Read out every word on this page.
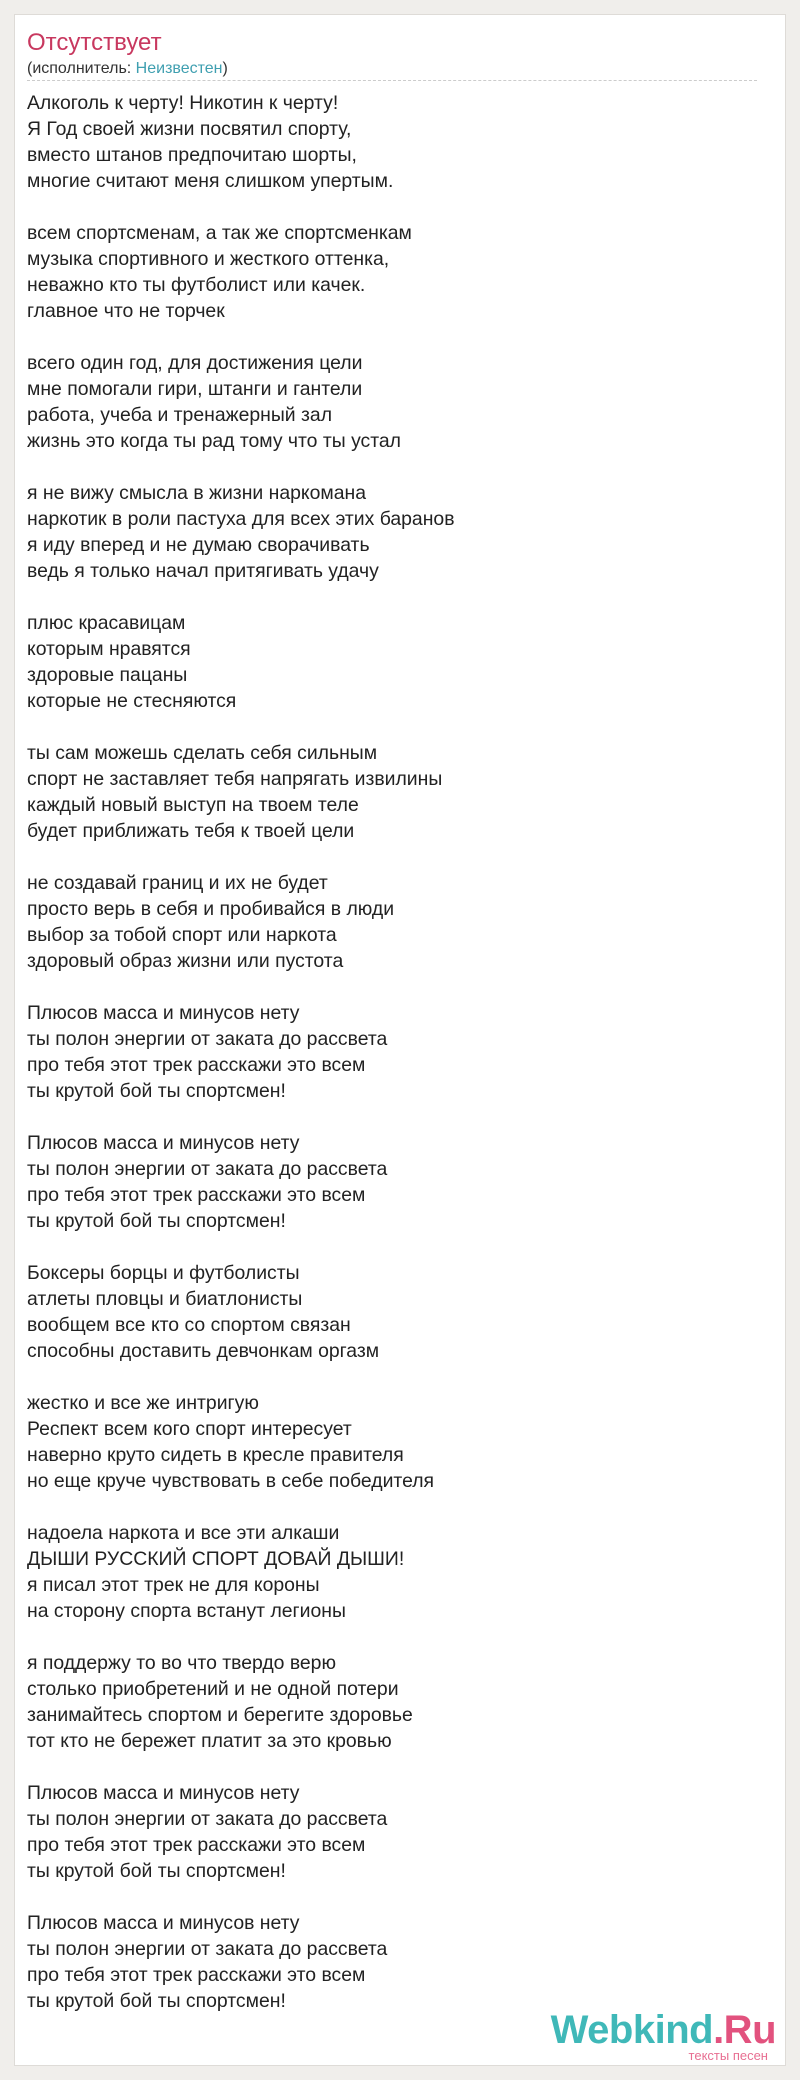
Отсутствует
(исполнитель: Неизвестен)
Алкоголь к черту! Никотин к черту!
Я Год своей жизни посвятил спорту,
вместо штанов предпочитаю шорты,
многие считают меня слишком упертым.
всем спортсменам, а так же спортсменкам
музыка спортивного и жесткого оттенка,
неважно кто ты футболист или качек.
главное что не торчек
всего один год, для достижения цели
мне помогали гири, штанги и гантели
работа, учеба и тренажерный зал
жизнь это когда ты рад тому что ты устал
я не вижу смысла в жизни наркомана
наркотик в роли пастуха для всех этих баранов
я иду вперед и не думаю сворачивать
ведь я только начал притягивать удачу
плюс красавицам
которым нравятся
здоровые пацаны
которые не стесняются
ты сам можешь сделать себя сильным
спорт не заставляет тебя напрягать извилины
каждый новый выступ на твоем теле
будет приближать тебя к твоей цели
не создавай границ и их не будет
просто верь в себя и пробивайся в люди
выбор за тобой спорт или наркота
здоровый образ жизни или пустота
Плюсов масса и минусов нету
ты полон энергии от заката до рассвета
про тебя этот трек расскажи это всем
ты крутой бой ты спортсмен!
Плюсов масса и минусов нету
ты полон энергии от заката до рассвета
про тебя этот трек расскажи это всем
ты крутой бой ты спортсмен!
Боксеры борцы и футболисты
атлеты пловцы и биатлонисты
вообщем все кто со спортом связан
способны доставить девчонкам оргазм
жестко и все же интригую
Респект всем кого спорт интересует
наверно круто сидеть в кресле правителя
но еще круче чувствовать в себе победителя
надоела наркота и все эти алкаши
ДЫШИ РУССКИЙ СПОРТ ДОВАЙ ДЫШИ!
я писал этот трек не для короны
на сторону спорта встанут легионы
я поддержу то во что твердо верю
столько приобретений и не одной потери
занимайтесь спортом и берегите здоровье
тот кто не бережет платит за это кровью
Плюсов масса и минусов нету
ты полон энергии от заката до рассвета
про тебя этот трек расскажи это всем
ты крутой бой ты спортсмен!
Плюсов масса и минусов нету
ты полон энергии от заката до рассвета
про тебя этот трек расскажи это всем
ты крутой бой ты спортсмен!
Webkind.Ru
тексты песен
